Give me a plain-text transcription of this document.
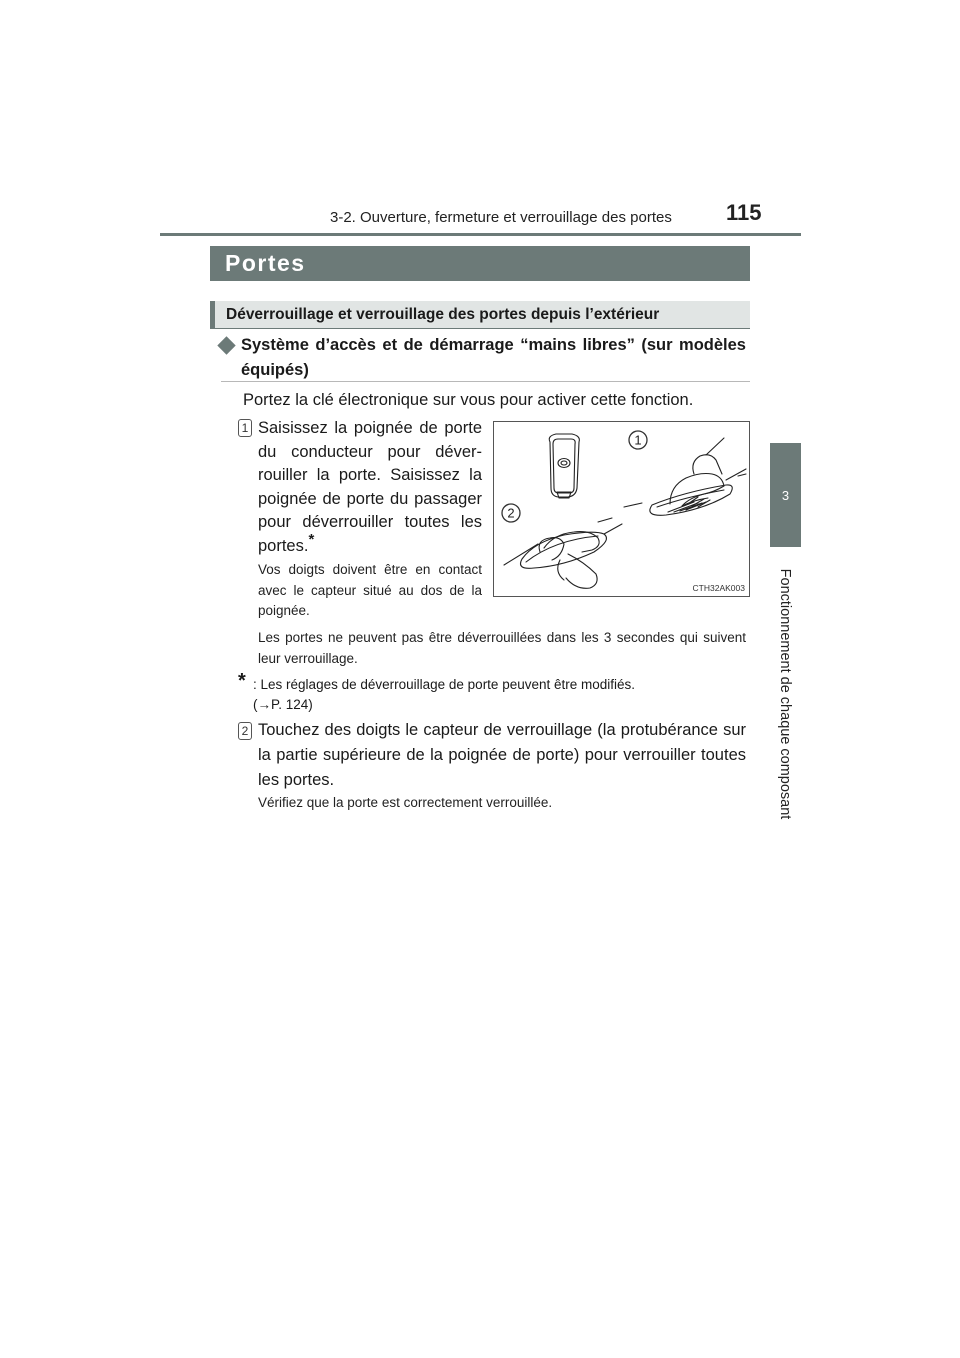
3-2. Ouverture, fermeture et verrouillage des portes 115
3
Fonctionnement de chaque composant
Portes
Déverrouillage et verrouillage des portes depuis l’extérieur
Système d’accès et de démarrage “mains libres” (sur modèles équipés)
Portez la clé électronique sur vous pour activer cette fonction.
1 Saisissez la poignée de porte du conducteur pour déverrouiller la porte. Saisissez la poignée de porte du passager pour déverrouiller toutes les portes.*

Vos doigts doivent être en contact avec le capteur situé au dos de la poignée.
Les portes ne peuvent pas être déverrouillées dans les 3 secondes qui suivent leur verrouillage.
* : Les réglages de déverrouillage de porte peuvent être modifiés.
(→P. 124)
2 Touchez des doigts le capteur de verrouillage (la protubérance sur la partie supérieure de la poignée de porte) pour verrouiller toutes les portes.
Vérifiez que la porte est correctement verrouillée.
1
2
CTH32AK003
